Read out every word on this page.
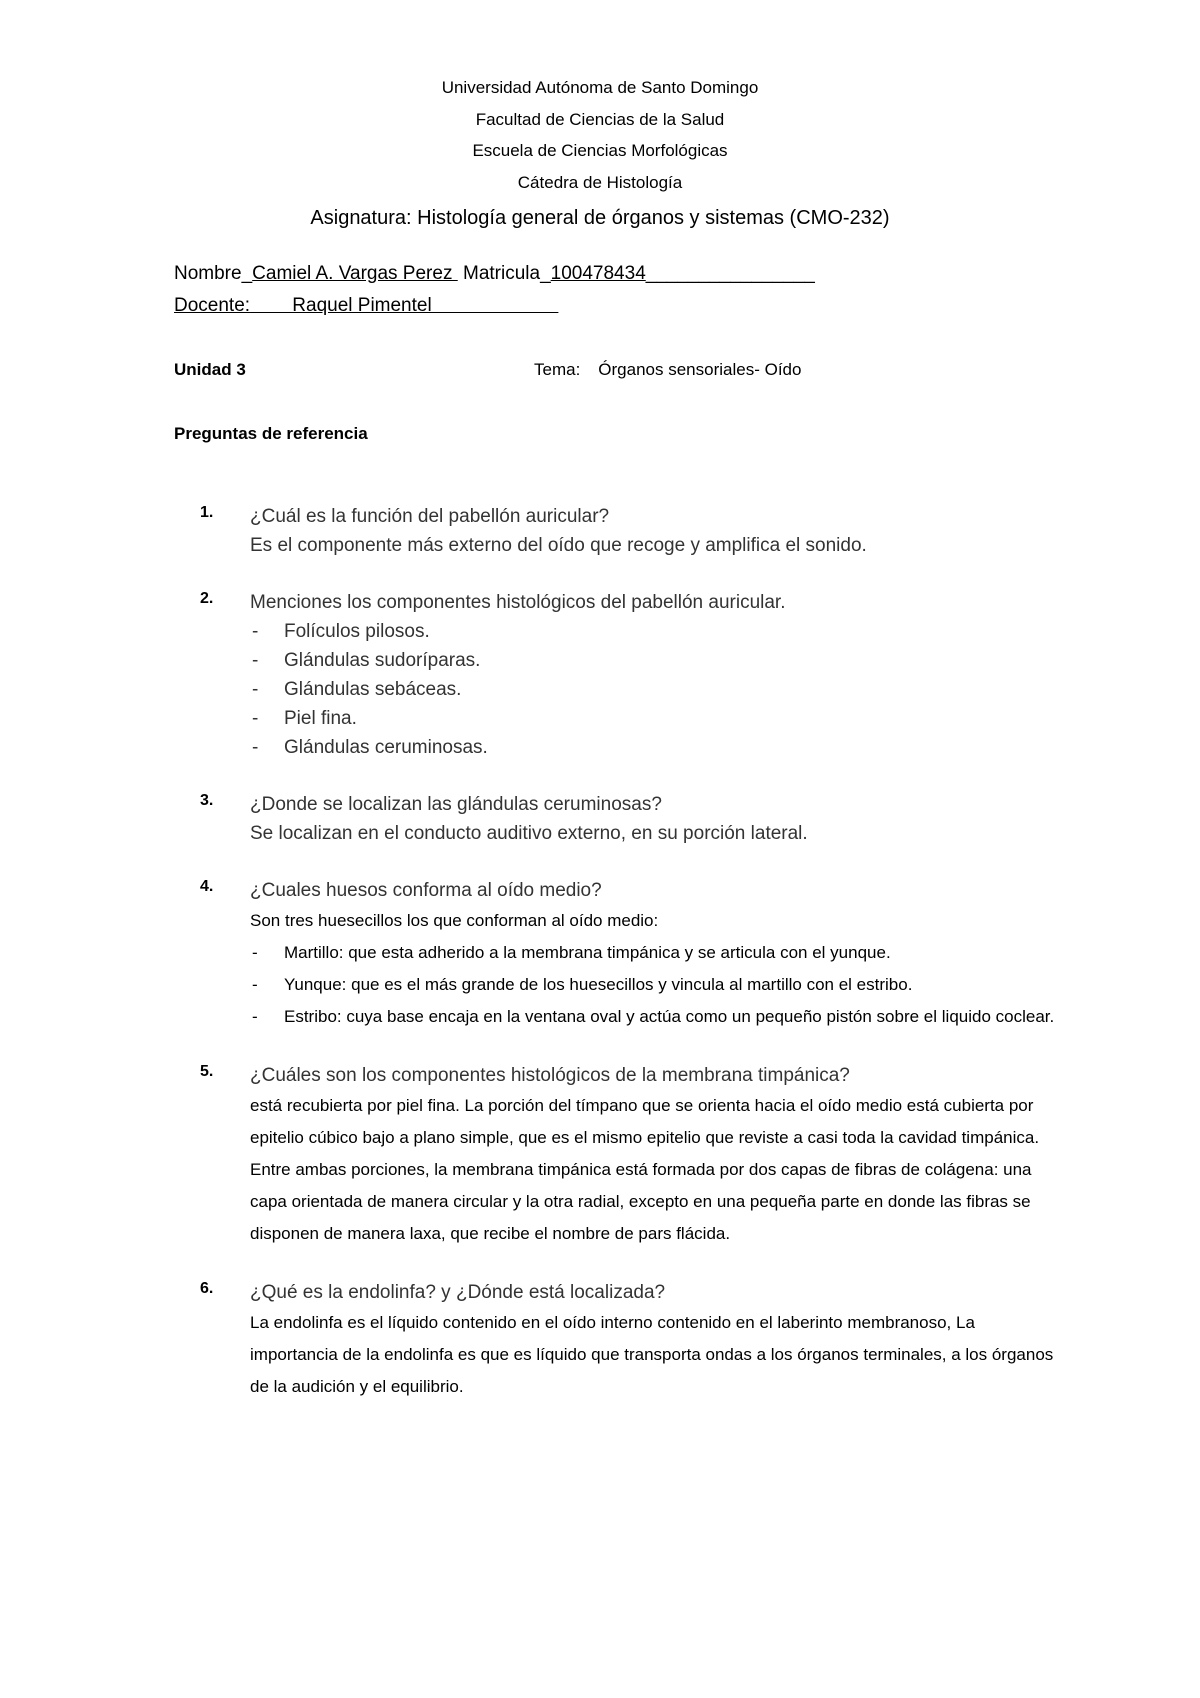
Universidad Autónoma de Santo Domingo
Facultad de Ciencias de la Salud
Escuela de Ciencias Morfológicas
Cátedra de Histología
Asignatura: Histología general de órganos y sistemas (CMO-232)
Nombre_Camiel A. Vargas Perez  Matricula_100478434________________
Docente:        Raquel Pimentel
Unidad 3	Tema: Órganos sensoriales- Oído
Preguntas de referencia
1. ¿Cuál es la función del pabellón auricular?
Es el componente más externo del oído que recoge y amplifica el sonido.
2. Menciones los componentes histológicos del pabellón auricular.
- Folículos pilosos.
- Glándulas sudoríparas.
- Glándulas sebáceas.
- Piel fina.
- Glándulas ceruminosas.
3. ¿Donde se localizan las glándulas ceruminosas?
Se localizan en el conducto auditivo externo, en su porción lateral.
4. ¿Cuales huesos conforma al oído medio?
Son tres huesecillos los que conforman al oído medio:
- Martillo: que esta adherido a la membrana timpánica y se articula con el yunque.
- Yunque: que es el más grande de los huesecillos y vincula al martillo con el estribo.
- Estribo: cuya base encaja en la ventana oval y actúa como un pequeño pistón sobre el liquido coclear.
5. ¿Cuáles son los componentes histológicos de la membrana timpánica?
está recubierta por piel fina. La porción del tímpano que se orienta hacia el oído medio está cubierta por epitelio cúbico bajo a plano simple, que es el mismo epitelio que reviste a casi toda la cavidad timpánica. Entre ambas porciones, la membrana timpánica está formada por dos capas de fibras de colágena: una capa orientada de manera circular y la otra radial, excepto en una pequeña parte en donde las fibras se disponen de manera laxa, que recibe el nombre de pars flácida.
6. ¿Qué es la endolinfa? y ¿Dónde está localizada?
La endolinfa es el líquido contenido en el oído interno contenido en el laberinto membranoso, La importancia de la endolinfa es que es líquido que transporta ondas a los órganos terminales, a los órganos de la audición y el equilibrio.
